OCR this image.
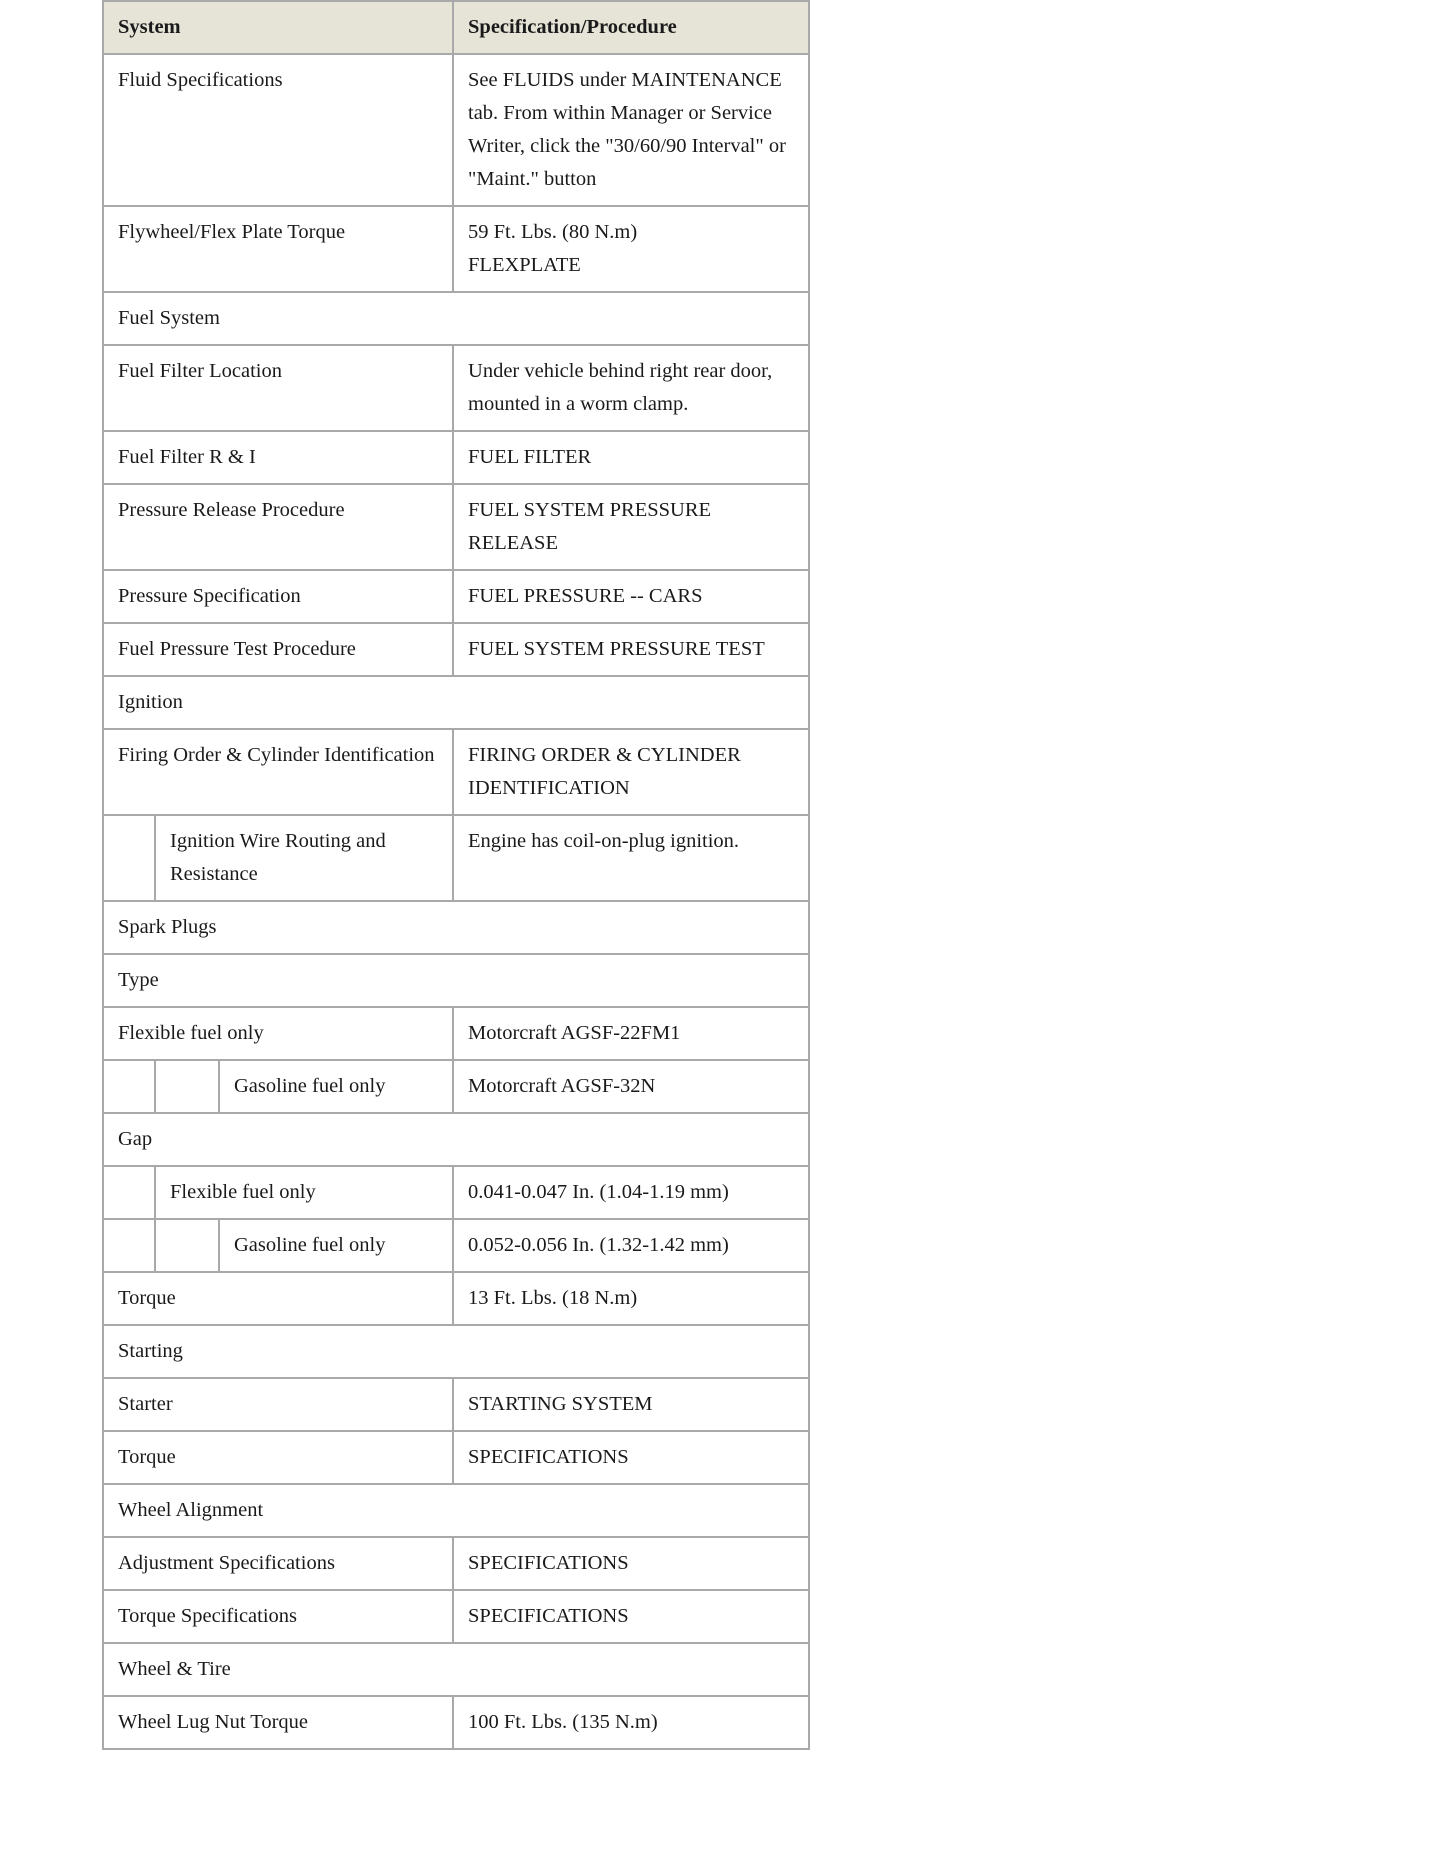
System			Specification/Procedure
Fluid Specifications			See FLUIDS under MAINTENANCE tab. From within Manager or Service Writer, click the "30/60/90 Interval" or "Maint." button
Flywheel/Flex Plate Torque			59 Ft. Lbs. (80 N.m)
FLEXPLATE

Fuel System			
Fuel Filter Location			Under vehicle behind right rear door, mounted in a worm clamp.
Fuel Filter R & I			FUEL FILTER
Pressure Release Procedure			FUEL SYSTEM PRESSURE RELEASE
Pressure Specification			FUEL PRESSURE -- CARS
Fuel Pressure Test Procedure			FUEL SYSTEM PRESSURE TEST
Ignition			
Firing Order & Cylinder Identification			FIRING ORDER & CYLINDER IDENTIFICATION
	Ignition Wire Routing and Resistance		Engine has coil-on-plug ignition.
Spark Plugs			
Type			
Flexible fuel only			Motorcraft AGSF-22FM1
		Gasoline fuel only	Motorcraft AGSF-32N
Gap			
	Flexible fuel only		0.041-0.047 In. (1.04-1.19 mm)
		Gasoline fuel only	0.052-0.056 In. (1.32-1.42 mm)
Torque			13 Ft. Lbs. (18 N.m)
Starting			
Starter			STARTING SYSTEM
Torque			SPECIFICATIONS
Wheel Alignment			
Adjustment Specifications			SPECIFICATIONS
Torque Specifications			SPECIFICATIONS
Wheel & Tire			
Wheel Lug Nut Torque			100 Ft. Lbs. (135 N.m)
